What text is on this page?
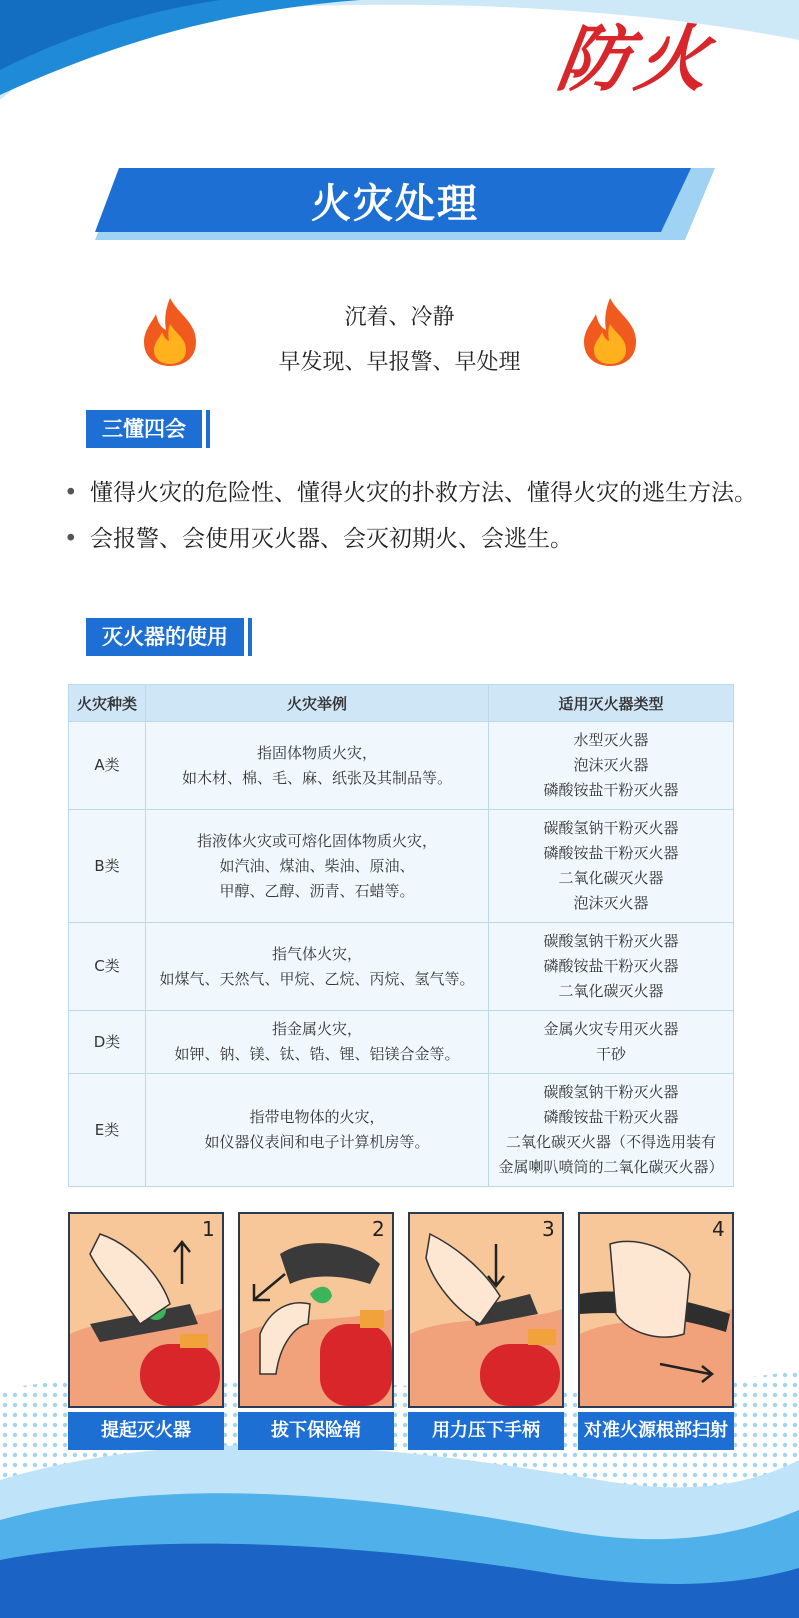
防火
火灾处理
沉着、冷静
早发现、早报警、早处理
三懂四会
• 懂得火灾的危险性、懂得火灾的扑救方法、懂得火灾的逃生方法。
• 会报警、会使用灭火器、会灭初期火、会逃生。
灭火器的使用
火灾种类	火灾举例	适用灭火器类型
A类	指固体物质火灾，
如木材、棉、毛、麻、纸张及其制品等。	水型灭火器
泡沫灭火器
磷酸铵盐干粉灭火器
B类	指液体火灾或可熔化固体物质火灾，
如汽油、煤油、柴油、原油、
甲醇、乙醇、沥青、石蜡等。	碳酸氢钠干粉灭火器
磷酸铵盐干粉灭火器
二氧化碳灭火器
泡沫灭火器
C类	指气体火灾，
如煤气、天然气、甲烷、乙烷、丙烷、氢气等。	碳酸氢钠干粉灭火器
磷酸铵盐干粉灭火器
二氧化碳灭火器
D类	指金属火灾，
如钾、钠、镁、钛、锆、锂、铝镁合金等。	金属火灾专用灭火器
干砂
E类	指带电物体的火灾，
如仪器仪表间和电子计算机房等。	碳酸氢钠干粉灭火器
磷酸铵盐干粉灭火器
二氧化碳灭火器（不得选用装有
金属喇叭喷筒的二氧化碳灭火器）
1
提起灭火器
2
拔下保险销
3
用力压下手柄
4
对准火源根部扫射
